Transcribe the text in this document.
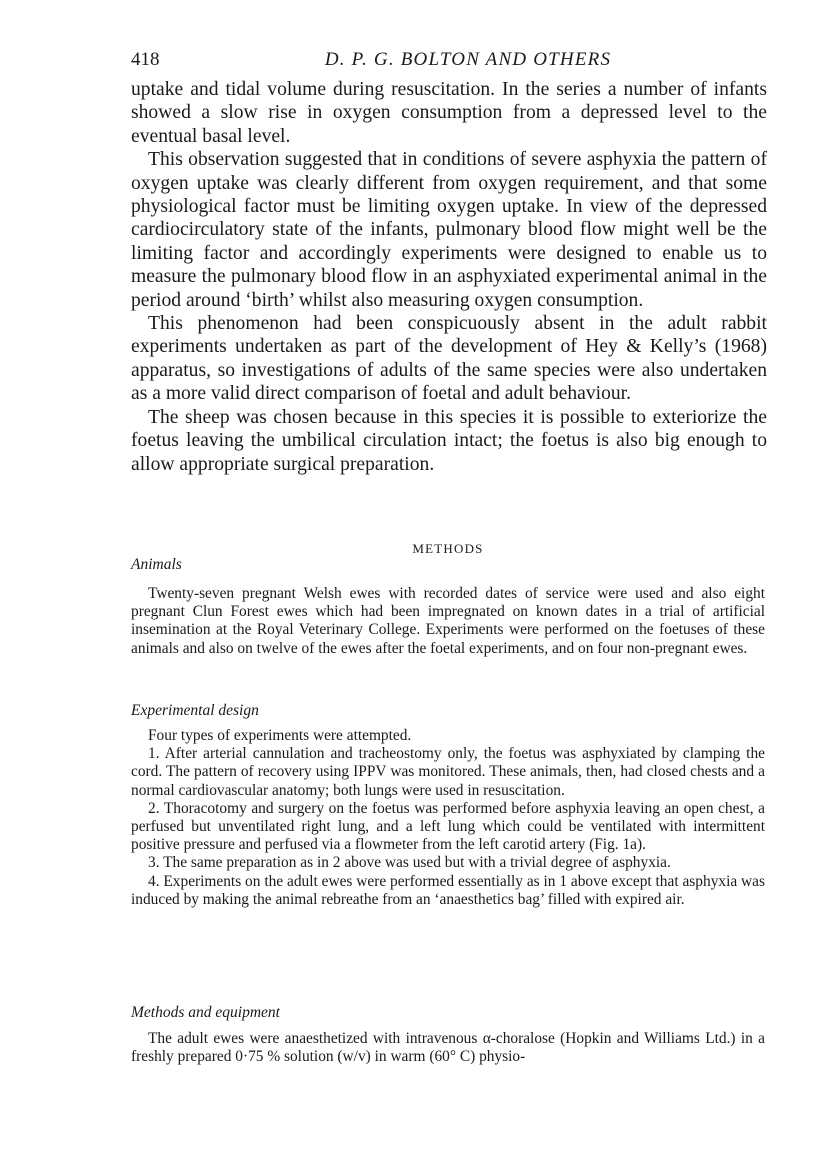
418	D. P. G. BOLTON AND OTHERS

uptake and tidal volume during resuscitation. In the series a number of infants showed a slow rise in oxygen consumption from a depressed level to the eventual basal level.

This observation suggested that in conditions of severe asphyxia the pattern of oxygen uptake was clearly different from oxygen requirement, and that some physiological factor must be limiting oxygen uptake. In view of the depressed cardiocirculatory state of the infants, pulmonary blood flow might well be the limiting factor and accordingly experiments were designed to enable us to measure the pulmonary blood flow in an asphyxiated experimental animal in the period around ‘birth’ whilst also measuring oxygen consumption.

This phenomenon had been conspicuously absent in the adult rabbit experiments undertaken as part of the development of Hey & Kelly’s (1968) apparatus, so investigations of adults of the same species were also undertaken as a more valid direct comparison of foetal and adult behaviour.

The sheep was chosen because in this species it is possible to exteriorize the foetus leaving the umbilical circulation intact; the foetus is also big enough to allow appropriate surgical preparation.

METHODS
Animals

Twenty-seven pregnant Welsh ewes with recorded dates of service were used and also eight pregnant Clun Forest ewes which had been impregnated on known dates in a trial of artificial insemination at the Royal Veterinary College. Experiments were performed on the foetuses of these animals and also on twelve of the ewes after the foetal experiments, and on four non-pregnant ewes.

Experimental design

Four types of experiments were attempted.

1. After arterial cannulation and tracheostomy only, the foetus was asphyxiated by clamping the cord. The pattern of recovery using IPPV was monitored. These animals, then, had closed chests and a normal cardiovascular anatomy; both lungs were used in resuscitation.

2. Thoracotomy and surgery on the foetus was performed before asphyxia leaving an open chest, a perfused but unventilated right lung, and a left lung which could be ventilated with intermittent positive pressure and perfused via a flowmeter from the left carotid artery (Fig. 1a).

3. The same preparation as in 2 above was used but with a trivial degree of asphyxia.

4. Experiments on the adult ewes were performed essentially as in 1 above except that asphyxia was induced by making the animal rebreathe from an ‘anaesthetics bag’ filled with expired air.

Methods and equipment

The adult ewes were anaesthetized with intravenous α-choralose (Hopkin and Williams Ltd.) in a freshly prepared 0·75 % solution (w/v) in warm (60° C) physio-
